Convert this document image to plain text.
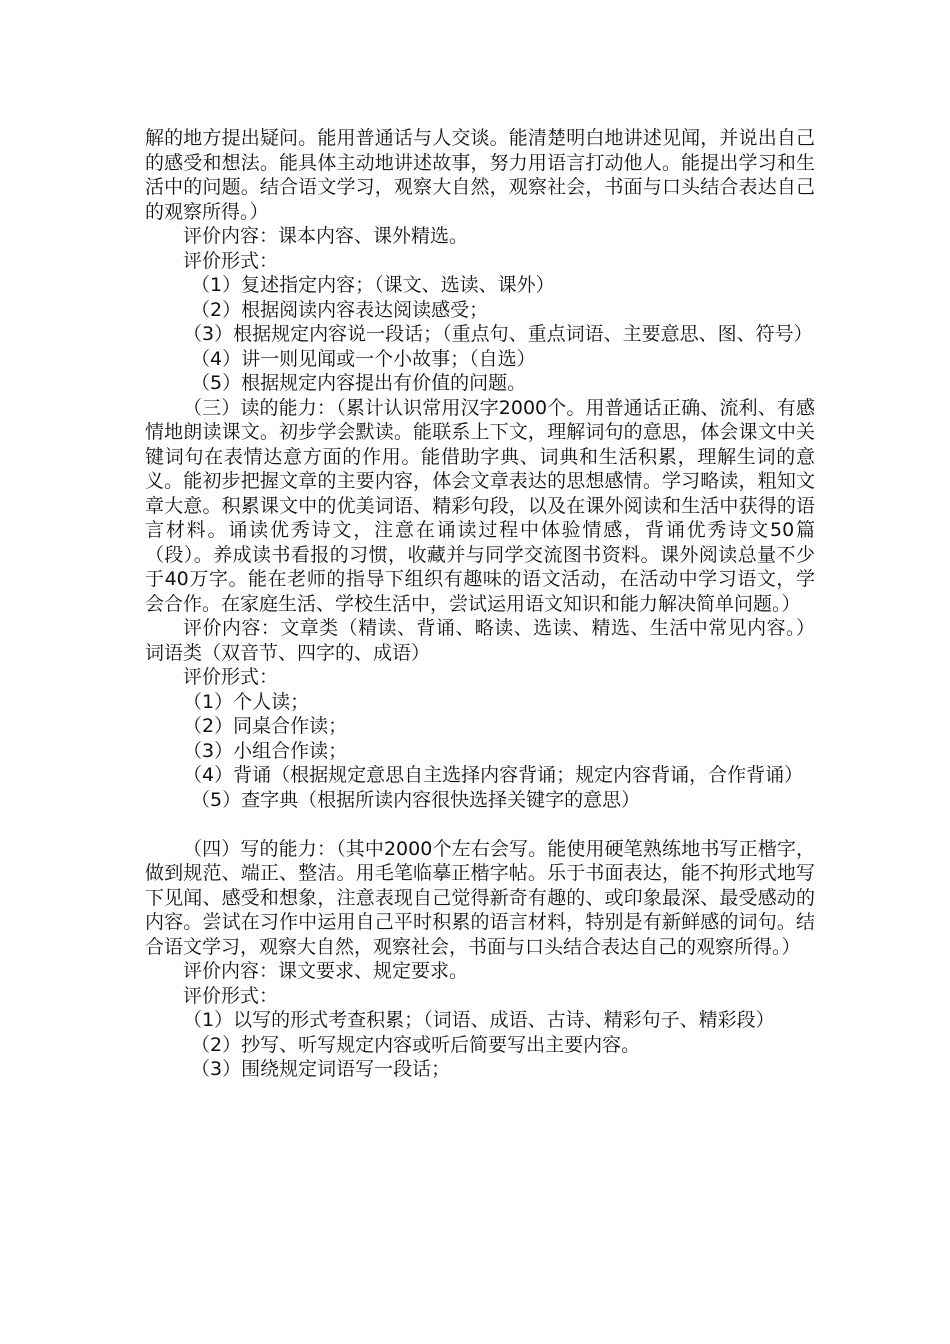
解的地方提出疑问。能用普通话与人交谈。能清楚明白地讲述见闻，并说出自己的感受和想法。能具体主动地讲述故事，努力用语言打动他人。能提出学习和生活中的问题。结合语文学习，观察大自然，观察社会，书面与口头结合表达自己的观察所得。）

评价内容：课本内容、课外精选。

评价形式：

（1）复述指定内容；（课文、选读、课外）

（2）根据阅读内容表达阅读感受；

（3）根据规定内容说一段话；（重点句、重点词语、主要意思、图、符号）

（4）讲一则见闻或一个小故事；（自选）

（5）根据规定内容提出有价值的问题。

（三）读的能力：（累计认识常用汉字2000个。用普通话正确、流利、有感情地朗读课文。初步学会默读。能联系上下文，理解词句的意思，体会课文中关键词句在表情达意方面的作用。能借助字典、词典和生活积累，理解生词的意义。能初步把握文章的主要内容，体会文章表达的思想感情。学习略读，粗知文章大意。积累课文中的优美词语、精彩句段，以及在课外阅读和生活中获得的语言材料。诵读优秀诗文，注意在诵读过程中体验情感，背诵优秀诗文50篇（段）。养成读书看报的习惯，收藏并与同学交流图书资料。课外阅读总量不少于40万字。能在老师的指导下组织有趣味的语文活动，在活动中学习语文，学会合作。在家庭生活、学校生活中，尝试运用语文知识和能力解决简单问题。）

评价内容：文章类（精读、背诵、略读、选读、精选、生活中常见内容。）词语类（双音节、四字的、成语）

评价形式：

（1）个人读；

（2）同桌合作读；

（3）小组合作读；

（4）背诵（根据规定意思自主选择内容背诵；规定内容背诵，合作背诵）

（5）查字典（根据所读内容很快选择关键字的意思）

（四）写的能力：（其中2000个左右会写。能使用硬笔熟练地书写正楷字，做到规范、端正、整洁。用毛笔临摹正楷字帖。乐于书面表达，能不拘形式地写下见闻、感受和想象，注意表现自己觉得新奇有趣的、或印象最深、最受感动的内容。尝试在习作中运用自己平时积累的语言材料，特别是有新鲜感的词句。结合语文学习，观察大自然，观察社会，书面与口头结合表达自己的观察所得。）

评价内容：课文要求、规定要求。

评价形式：

（1）以写的形式考查积累；（词语、成语、古诗、精彩句子、精彩段）

（2）抄写、听写规定内容或听后简要写出主要内容。

（3）围绕规定词语写一段话；
